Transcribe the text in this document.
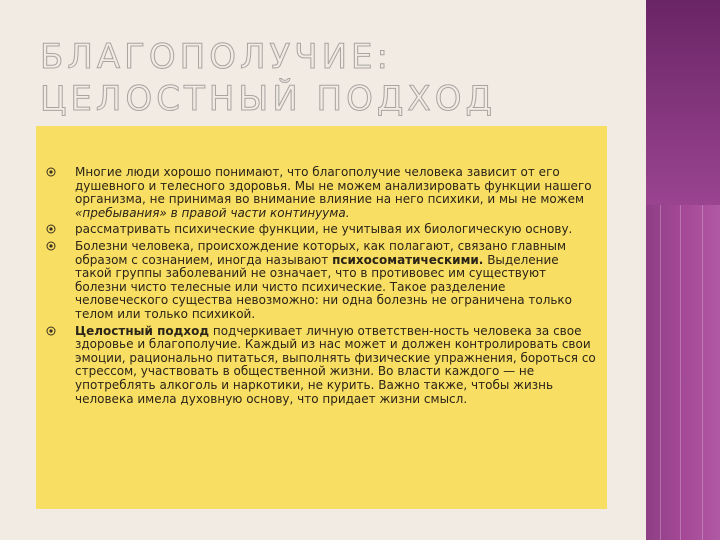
БЛАГОПОЛУЧИЕ: ЦЕЛОСТНЫЙ ПОДХОД
Многие люди хорошо понимают, что благополучие человека зависит от его душевного и телесного здоровья. Мы не можем анализировать функции нашего организма, не принимая во внимание влияние на него психики, и мы не можем «пребывания» в правой части континуума.
рассматривать психические функции, не учитывая их биологическую основу.
Болезни человека, происхождение которых, как полагают, связано главным образом с сознанием, иногда называют психосоматическими. Выделение такой группы заболеваний не означает, что в противовес им существуют болезни чисто телесные или чисто психические. Такое разделение человеческого существа невозможно: ни одна болезнь не ограничена только телом или только психикой.
Целостный подход подчеркивает личную ответствен-ность человека за свое здоровье и благополучие. Каждый из нас может и должен контролировать свои эмоции, рационально питаться, выполнять физические упражнения, бороться со стрессом, участвовать в общественной жизни. Во власти каждого — не употреблять алкоголь и наркотики, не курить. Важно также, чтобы жизнь человека имела духовную основу, что придает жизни смысл.
